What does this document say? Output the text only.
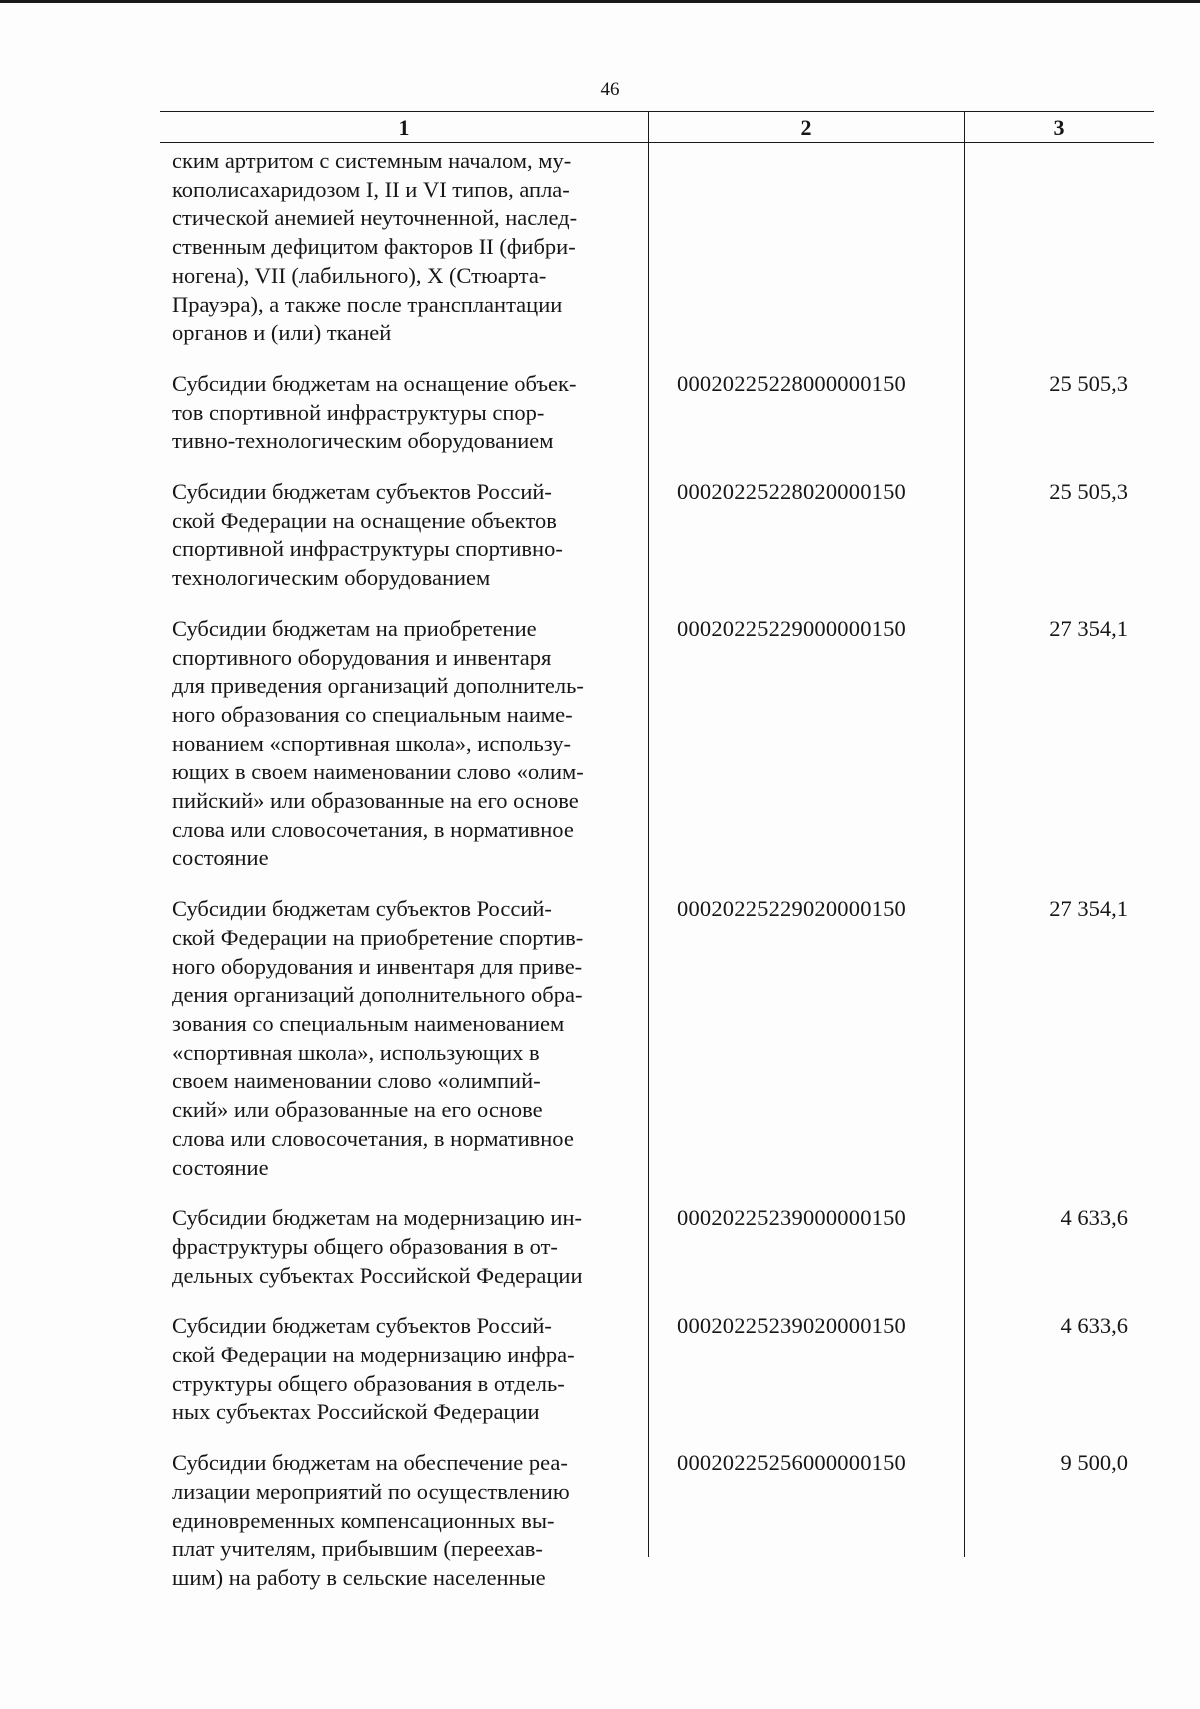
46
1	2	3
ским артритом с системным началом, му-
кополисахаридозом I, II и VI типов, апла-
стической анемией неуточненной, наслед-
ственным дефицитом факторов II (фибри-
ногена), VII (лабильного), X (Стюарта-
Прауэра), а также после трансплантации
органов и (или) тканей
Субсидии бюджетам на оснащение объек-
тов спортивной инфраструктуры спор-
тивно-технологическим оборудованием
00020225228000000150	25 505,3
Субсидии бюджетам субъектов Россий-
ской Федерации на оснащение объектов
спортивной инфраструктуры спортивно-
технологическим оборудованием
00020225228020000150	25 505,3
Субсидии бюджетам на приобретение
спортивного оборудования и инвентаря
для приведения организаций дополнитель-
ного образования со специальным наиме-
нованием «спортивная школа», использу-
ющих в своем наименовании слово «олим-
пийский» или образованные на его основе
слова или словосочетания, в нормативное
состояние
00020225229000000150	27 354,1
Субсидии бюджетам субъектов Россий-
ской Федерации на приобретение спортив-
ного оборудования и инвентаря для приве-
дения организаций дополнительного обра-
зования со специальным наименованием
«спортивная школа», использующих в
своем наименовании слово «олимпий-
ский» или образованные на его основе
слова или словосочетания, в нормативное
состояние
00020225229020000150	27 354,1
Субсидии бюджетам на модернизацию ин-
фраструктуры общего образования в от-
дельных субъектах Российской Федерации
00020225239000000150	4 633,6
Субсидии бюджетам субъектов Россий-
ской Федерации на модернизацию инфра-
структуры общего образования в отдель-
ных субъектах Российской Федерации
00020225239020000150	4 633,6
Субсидии бюджетам на обеспечение реа-
лизации мероприятий по осуществлению
единовременных компенсационных вы-
плат учителям, прибывшим (переехав-
шим) на работу в сельские населенные
00020225256000000150	9 500,0
